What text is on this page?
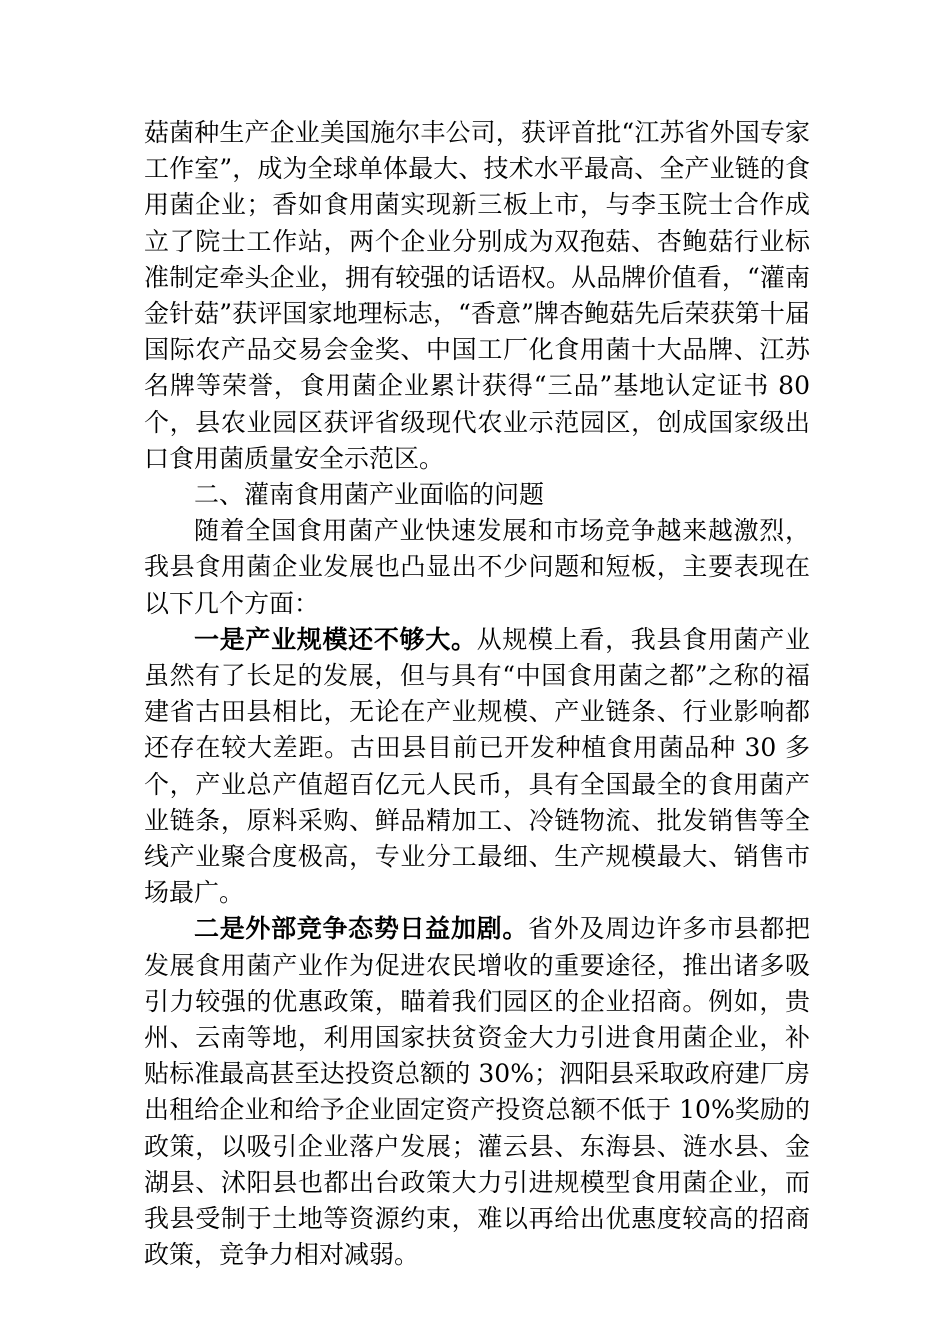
菇菌种生产企业美国施尔丰公司，获评首批“江苏省外国专家工作室”，成为全球单体最大、技术水平最高、全产业链的食用菌企业；香如食用菌实现新三板上市，与李玉院士合作成立了院士工作站，两个企业分别成为双孢菇、杏鲍菇行业标准制定牵头企业，拥有较强的话语权。从品牌价值看，“灌南金针菇”获评国家地理标志，“香意”牌杏鲍菇先后荣获第十届国际农产品交易会金奖、中国工厂化食用菌十大品牌、江苏名牌等荣誉，食用菌企业累计获得“三品”基地认定证书 80 个，县农业园区获评省级现代农业示范园区，创成国家级出口食用菌质量安全示范区。

二、灌南食用菌产业面临的问题

随着全国食用菌产业快速发展和市场竞争越来越激烈，我县食用菌企业发展也凸显出不少问题和短板，主要表现在以下几个方面：

一是产业规模还不够大。从规模上看，我县食用菌产业虽然有了长足的发展，但与具有“中国食用菌之都”之称的福建省古田县相比，无论在产业规模、产业链条、行业影响都还存在较大差距。古田县目前已开发种植食用菌品种 30 多个，产业总产值超百亿元人民币，具有全国最全的食用菌产业链条，原料采购、鲜品精加工、冷链物流、批发销售等全线产业聚合度极高，专业分工最细、生产规模最大、销售市场最广。

二是外部竞争态势日益加剧。省外及周边许多市县都把发展食用菌产业作为促进农民增收的重要途径，推出诸多吸引力较强的优惠政策，瞄着我们园区的企业招商。例如，贵州、云南等地，利用国家扶贫资金大力引进食用菌企业，补贴标准最高甚至达投资总额的 30%；泗阳县采取政府建厂房出租给企业和给予企业固定资产投资总额不低于 10%奖励的政策，以吸引企业落户发展；灌云县、东海县、涟水县、金湖县、沭阳县也都出台政策大力引进规模型食用菌企业，而我县受制于土地等资源约束，难以再给出优惠度较高的招商政策，竞争力相对减弱。
